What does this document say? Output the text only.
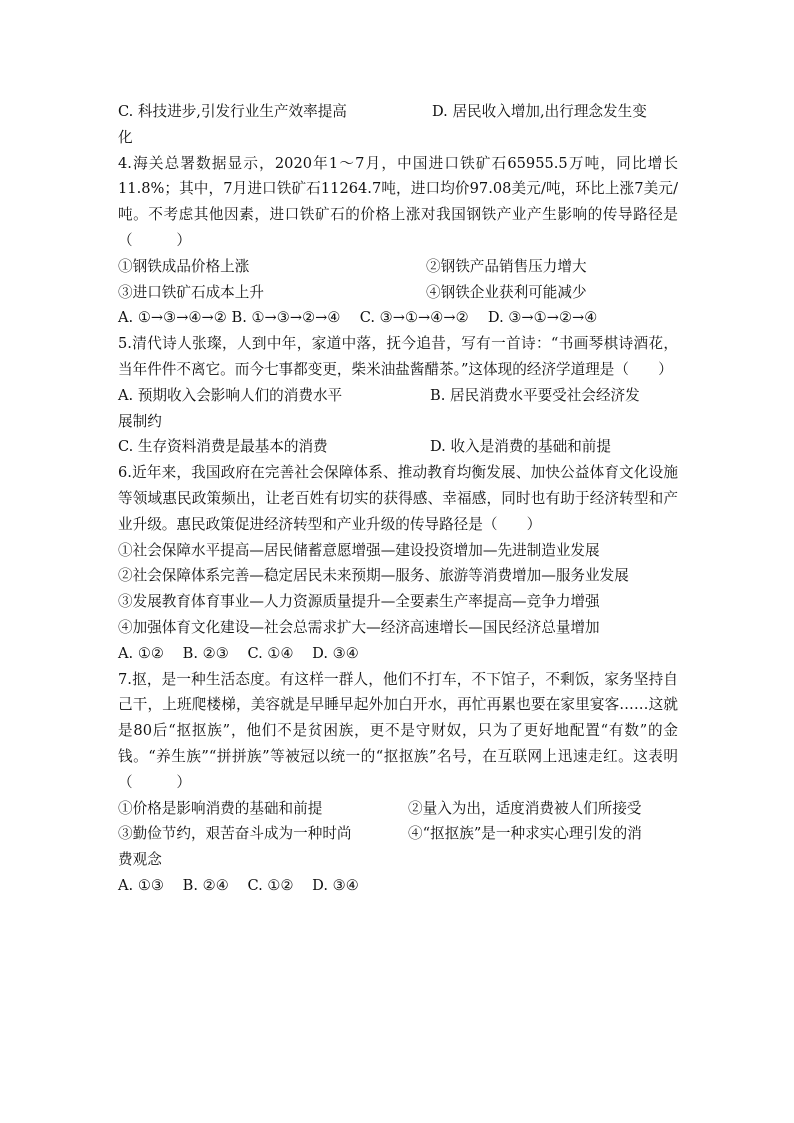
C. 科技进步,引发行业生产效率提高	D. 居民收入增加,出行理念发生变
化
4.海关总署数据显示，2020年1～7月，中国进口铁矿石65955.5万吨，同比增长11.8%；其中，7月进口铁矿石11264.7吨，进口均价97.08美元/吨，环比上涨7美元/吨。不考虑其他因素，进口铁矿石的价格上涨对我国钢铁产业产生影响的传导路径是（　　　）
①钢铁成品价格上涨	②钢铁产品销售压力增大
③进口铁矿石成本上升	④钢铁企业获利可能减少
A. ①→③→④→② B. ①→③→②→④　 C. ③→①→④→②　 D. ③→①→②→④
5.清代诗人张璨，人到中年，家道中落，抚今追昔，写有一首诗：“书画琴棋诗酒花，当年件件不离它。而今七事都变更，柴米油盐酱醋茶。”这体现的经济学道理是（　　）
A. 预期收入会影响人们的消费水平	B. 居民消费水平要受社会经济发
展制约
C. 生存资料消费是最基本的消费	D. 收入是消费的基础和前提
6.近年来，我国政府在完善社会保障体系、推动教育均衡发展、加快公益体育文化设施等领域惠民政策频出，让老百姓有切实的获得感、幸福感，同时也有助于经济转型和产业升级。惠民政策促进经济转型和产业升级的传导路径是（　　）
①社会保障水平提高—居民储蓄意愿增强—建设投资增加—先进制造业发展
②社会保障体系完善—稳定居民未来预期—服务、旅游等消费增加—服务业发展
③发展教育体育事业—人力资源质量提升—全要素生产率提高—竞争力增强
④加强体育文化建设—社会总需求扩大—经济高速增长—国民经济总量增加
A. ①② B. ②③ C. ①④ D. ③④
7.抠，是一种生活态度。有这样一群人，他们不打车，不下馆子，不剩饭，家务坚持自己干，上班爬楼梯，美容就是早睡早起外加白开水，再忙再累也要在家里宴客……这就是80后“抠抠族”，他们不是贫困族，更不是守财奴，只为了更好地配置“有数”的金钱。“养生族”“拼拼族”等被冠以统一的“抠抠族”名号，在互联网上迅速走红。这表明（　　　）
①价格是影响消费的基础和前提	②量入为出，适度消费被人们所接受
③勤俭节约，艰苦奋斗成为一种时尚	④“抠抠族”是一种求实心理引发的消
费观念
A. ①③ B. ②④ C. ①② D. ③④
